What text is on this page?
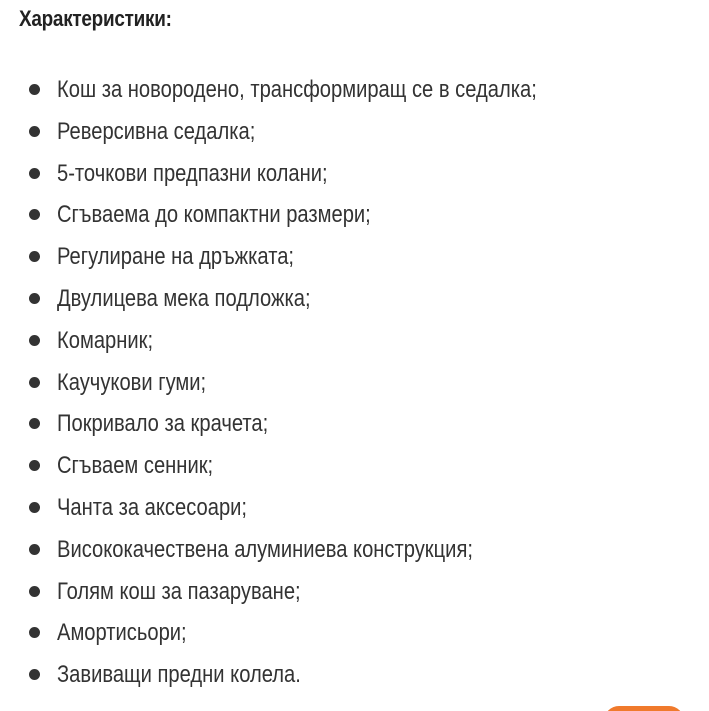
Характеристики:
Кош за новородено, трансформиращ се в седалка;
Реверсивна седалка;
5-точкови предпазни колани;
Сгъваема до компактни размери;
Регулиране на дръжката;
Двулицева мека подложка;
Комарник;
Каучукови гуми;
Покривало за крачета;
Сгъваем сенник;
Чанта за аксесоари;
Висококачествена алуминиева конструкция;
Голям кош за пазаруване;
Амортисьори;
Завиващи предни колела.
